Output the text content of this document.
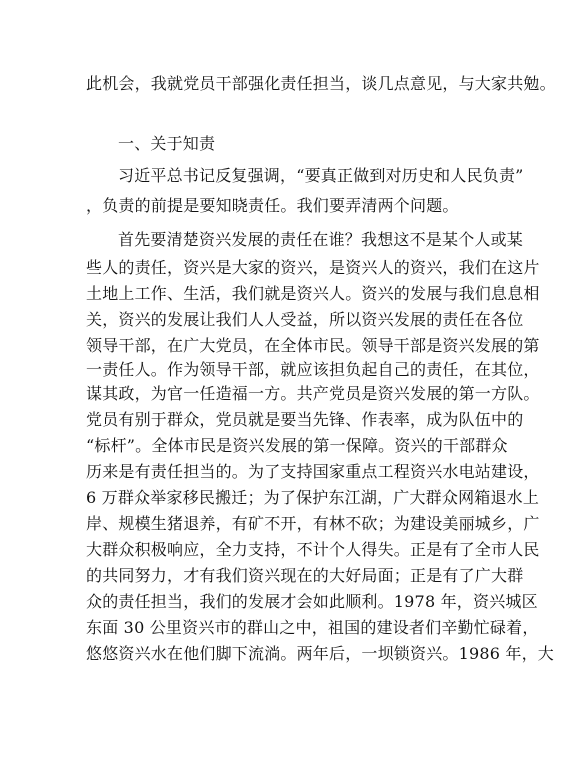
此机会，我就党员干部强化责任担当，谈几点意见，与大家共勉。
一、关于知责
习近平总书记反复强调，“要真正做到对历史和人民负责”
，负责的前提是要知晓责任。我们要弄清两个问题。
首先要清楚资兴发展的责任在谁？我想这不是某个人或某
些人的责任，资兴是大家的资兴，是资兴人的资兴，我们在这片
土地上工作、生活，我们就是资兴人。资兴的发展与我们息息相
关，资兴的发展让我们人人受益，所以资兴发展的责任在各位
领导干部，在广大党员，在全体市民。领导干部是资兴发展的第
一责任人。作为领导干部，就应该担负起自己的责任，在其位，
谋其政，为官一任造福一方。共产党员是资兴发展的第一方队。
党员有别于群众，党员就是要当先锋、作表率，成为队伍中的
“标杆”。全体市民是资兴发展的第一保障。资兴的干部群众
历来是有责任担当的。为了支持国家重点工程资兴水电站建设，
6 万群众举家移民搬迁；为了保护东江湖，广大群众网箱退水上
岸、规模生猪退养，有矿不开，有林不砍；为建设美丽城乡，广
大群众积极响应，全力支持，不计个人得失。正是有了全市人民
的共同努力，才有我们资兴现在的大好局面；正是有了广大群
众的责任担当，我们的发展才会如此顺利。1978 年，资兴城区
东面 30 公里资兴市的群山之中，祖国的建设者们辛勤忙碌着，
悠悠资兴水在他们脚下流淌。两年后，一坝锁资兴。1986 年，大
